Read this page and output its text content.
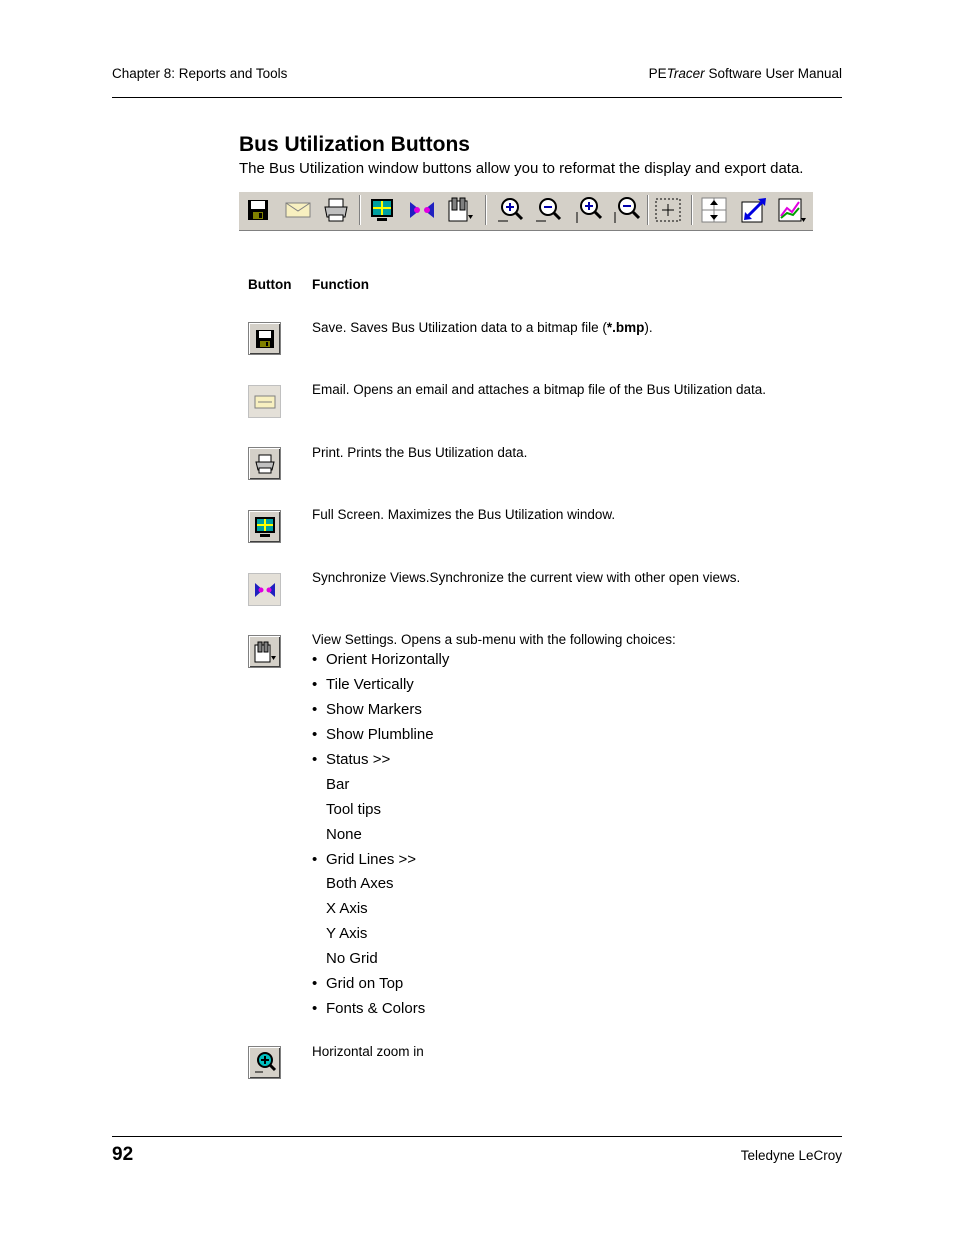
Chapter 8: Reports and Tools	PETracer Software User Manual
Bus Utilization Buttons
The Bus Utilization window buttons allow you to reformat the display and export data.
Button Function
Save. Saves Bus Utilization data to a bitmap file (*.bmp).
Email. Opens an email and attaches a bitmap file of the Bus Utilization data.
Print. Prints the Bus Utilization data.
Full Screen. Maximizes the Bus Utilization window.
Synchronize Views.Synchronize the current view with other open views.
View Settings. Opens a sub-menu with the following choices:
• Orient Horizontally
• Tile Vertically
• Show Markers
• Show Plumbline
• Status >>
Bar
Tool tips
None
• Grid Lines >>
Both Axes
X Axis
Y Axis
No Grid
• Grid on Top
• Fonts & Colors
Horizontal zoom in
92	Teledyne LeCroy
